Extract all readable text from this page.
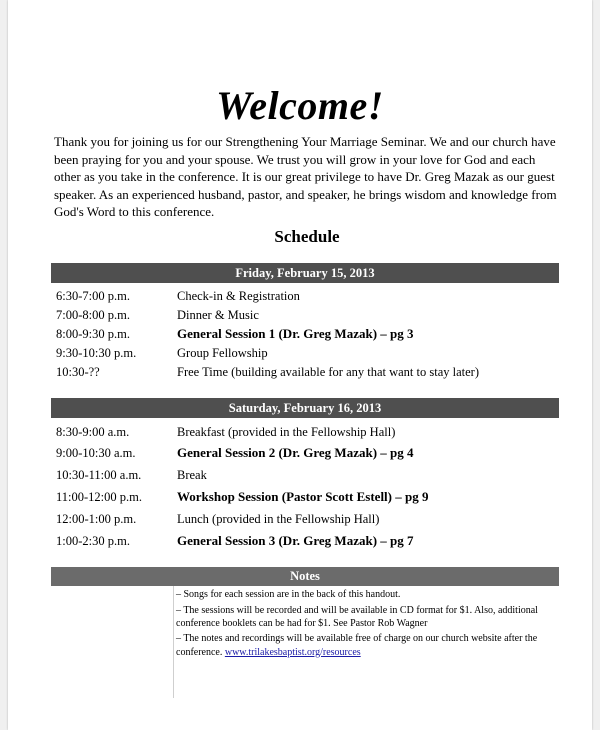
Welcome!
Thank you for joining us for our Strengthening Your Marriage Seminar. We and our church have been praying for you and your spouse. We trust you will grow in your love for God and each other as you take in the conference. It is our great privilege to have Dr. Greg Mazak as our guest speaker. As an experienced husband, pastor, and speaker, he brings wisdom and knowledge from God's Word to this conference.
Schedule
Friday, February 15, 2013
6:30-7:00 p.m.	Check-in & Registration
7:00-8:00 p.m.	Dinner & Music
8:00-9:30 p.m.	General Session 1 (Dr. Greg Mazak) – pg 3
9:30-10:30 p.m.	Group Fellowship
10:30-??	Free Time (building available for any that want to stay later)
Saturday, February 16, 2013
8:30-9:00 a.m.	Breakfast (provided in the Fellowship Hall)
9:00-10:30 a.m.	General Session 2 (Dr. Greg Mazak) – pg 4
10:30-11:00 a.m.	Break
11:00-12:00 p.m.	Workshop Session (Pastor Scott Estell) – pg 9
12:00-1:00 p.m.	Lunch (provided in the Fellowship Hall)
1:00-2:30 p.m.	General Session 3 (Dr. Greg Mazak) – pg 7
Notes

– Songs for each session are in the back of this handout.

– The sessions will be recorded and will be available in CD format for $1. Also, additional conference booklets can be had for $1. See Pastor Rob Wagner

– The notes and recordings will be available free of charge on our church website after the conference. www.trilakesbaptist.org/resources
